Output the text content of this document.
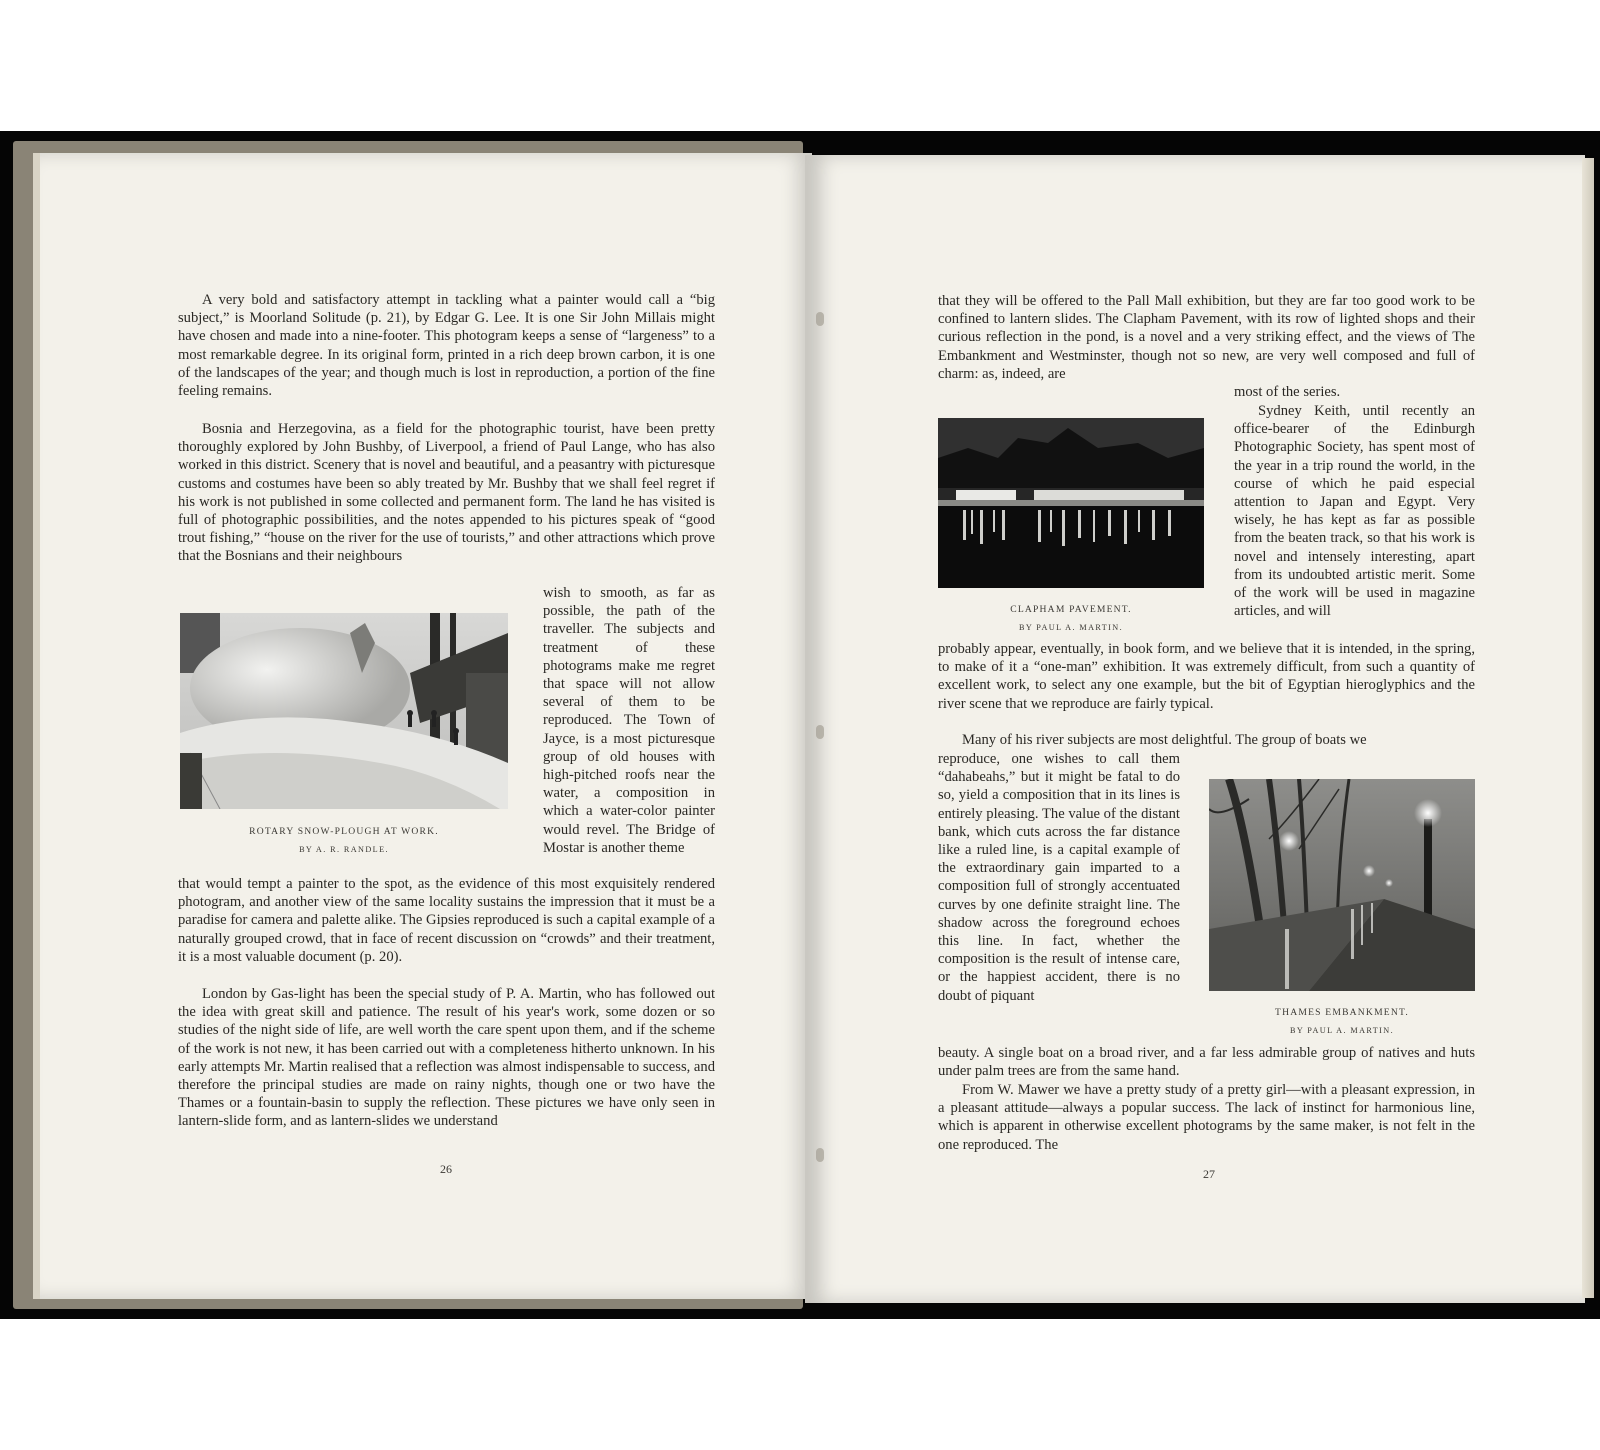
A very bold and satisfactory attempt in tackling what a painter would call a “big subject,” is Moorland Solitude (p. 21), by Edgar G. Lee. It is one Sir John Millais might have chosen and made into a nine-footer. This photogram keeps a sense of “largeness” to a most remarkable degree. In its original form, printed in a rich deep brown carbon, it is one of the landscapes of the year; and though much is lost in reproduction, a portion of the fine feeling remains.

Bosnia and Herzegovina, as a field for the photographic tourist, have been pretty thoroughly explored by John Bushby, of Liverpool, a friend of Paul Lange, who has also worked in this district. Scenery that is novel and beautiful, and a peasantry with picturesque customs and costumes have been so ably treated by Mr. Bushby that we shall feel regret if his work is not published in some collected and permanent form. The land he has visited is full of photographic possibilities, and the notes appended to his pictures speak of “good trout fishing,” “house on the river for the use of tourists,” and other attractions which prove that the Bosnians and their neighbours

ROTARY SNOW-PLOUGH AT WORK.
BY A. R. RANDLE.

wish to smooth, as far as possible, the path of the traveller. The subjects and treatment of these photograms make me regret that space will not allow several of them to be reproduced. The Town of Jayce, is a most picturesque group of old houses with high-pitched roofs near the water, a composition in which a water-color painter would revel. The Bridge of Mostar is another theme

that would tempt a painter to the spot, as the evidence of this most exquisitely rendered photogram, and another view of the same locality sustains the impression that it must be a paradise for camera and palette alike. The Gipsies reproduced is such a capital example of a naturally grouped crowd, that in face of recent discussion on “crowds” and their treatment, it is a most valuable document (p. 20).

London by Gas-light has been the special study of P. A. Martin, who has followed out the idea with great skill and patience. The result of his year's work, some dozen or so studies of the night side of life, are well worth the care spent upon them, and if the scheme of the work is not new, it has been carried out with a completeness hitherto unknown. In his early attempts Mr. Martin realised that a reflection was almost indispensable to success, and therefore the principal studies are made on rainy nights, though one or two have the Thames or a fountain-basin to supply the reflection. These pictures we have only seen in lantern-slide form, and as lantern-slides we understand

26

that they will be offered to the Pall Mall exhibition, but they are far too good work to be confined to lantern slides. The Clapham Pavement, with its row of lighted shops and their curious reflection in the pond, is a novel and a very striking effect, and the views of The Embankment and Westminster, though not so new, are very well composed and full of charm: as, indeed, are

CLAPHAM PAVEMENT.
BY PAUL A. MARTIN.

most of the series.

Sydney Keith, until recently an office-bearer of the Edinburgh Photographic Society, has spent most of the year in a trip round the world, in the course of which he paid especial attention to Japan and Egypt. Very wisely, he has kept as far as possible from the beaten track, so that his work is novel and intensely interesting, apart from its undoubted artistic merit. Some of the work will be used in magazine articles, and will

probably appear, eventually, in book form, and we believe that it is intended, in the spring, to make of it a “one-man” exhibition. It was extremely difficult, from such a quantity of excellent work, to select any one example, but the bit of Egyptian hieroglyphics and the river scene that we reproduce are fairly typical.

Many of his river subjects are most delightful. The group of boats we

reproduce, one wishes to call them “dahabeahs,” but it might be fatal to do so, yield a composition that in its lines is entirely pleasing. The value of the distant bank, which cuts across the far distance like a ruled line, is a capital example of the extraordinary gain imparted to a composition full of strongly accentuated curves by one definite straight line. The shadow across the foreground echoes this line. In fact, whether the composition is the result of intense care, or the happiest accident, there is no doubt of piquant

THAMES EMBANKMENT.
BY PAUL A. MARTIN.

beauty. A single boat on a broad river, and a far less admirable group of natives and huts under palm trees are from the same hand.

From W. Mawer we have a pretty study of a pretty girl—with a pleasant expression, in a pleasant attitude—always a popular success. The lack of instinct for harmonious line, which is apparent in otherwise excellent photograms by the same maker, is not felt in the one reproduced. The

27
